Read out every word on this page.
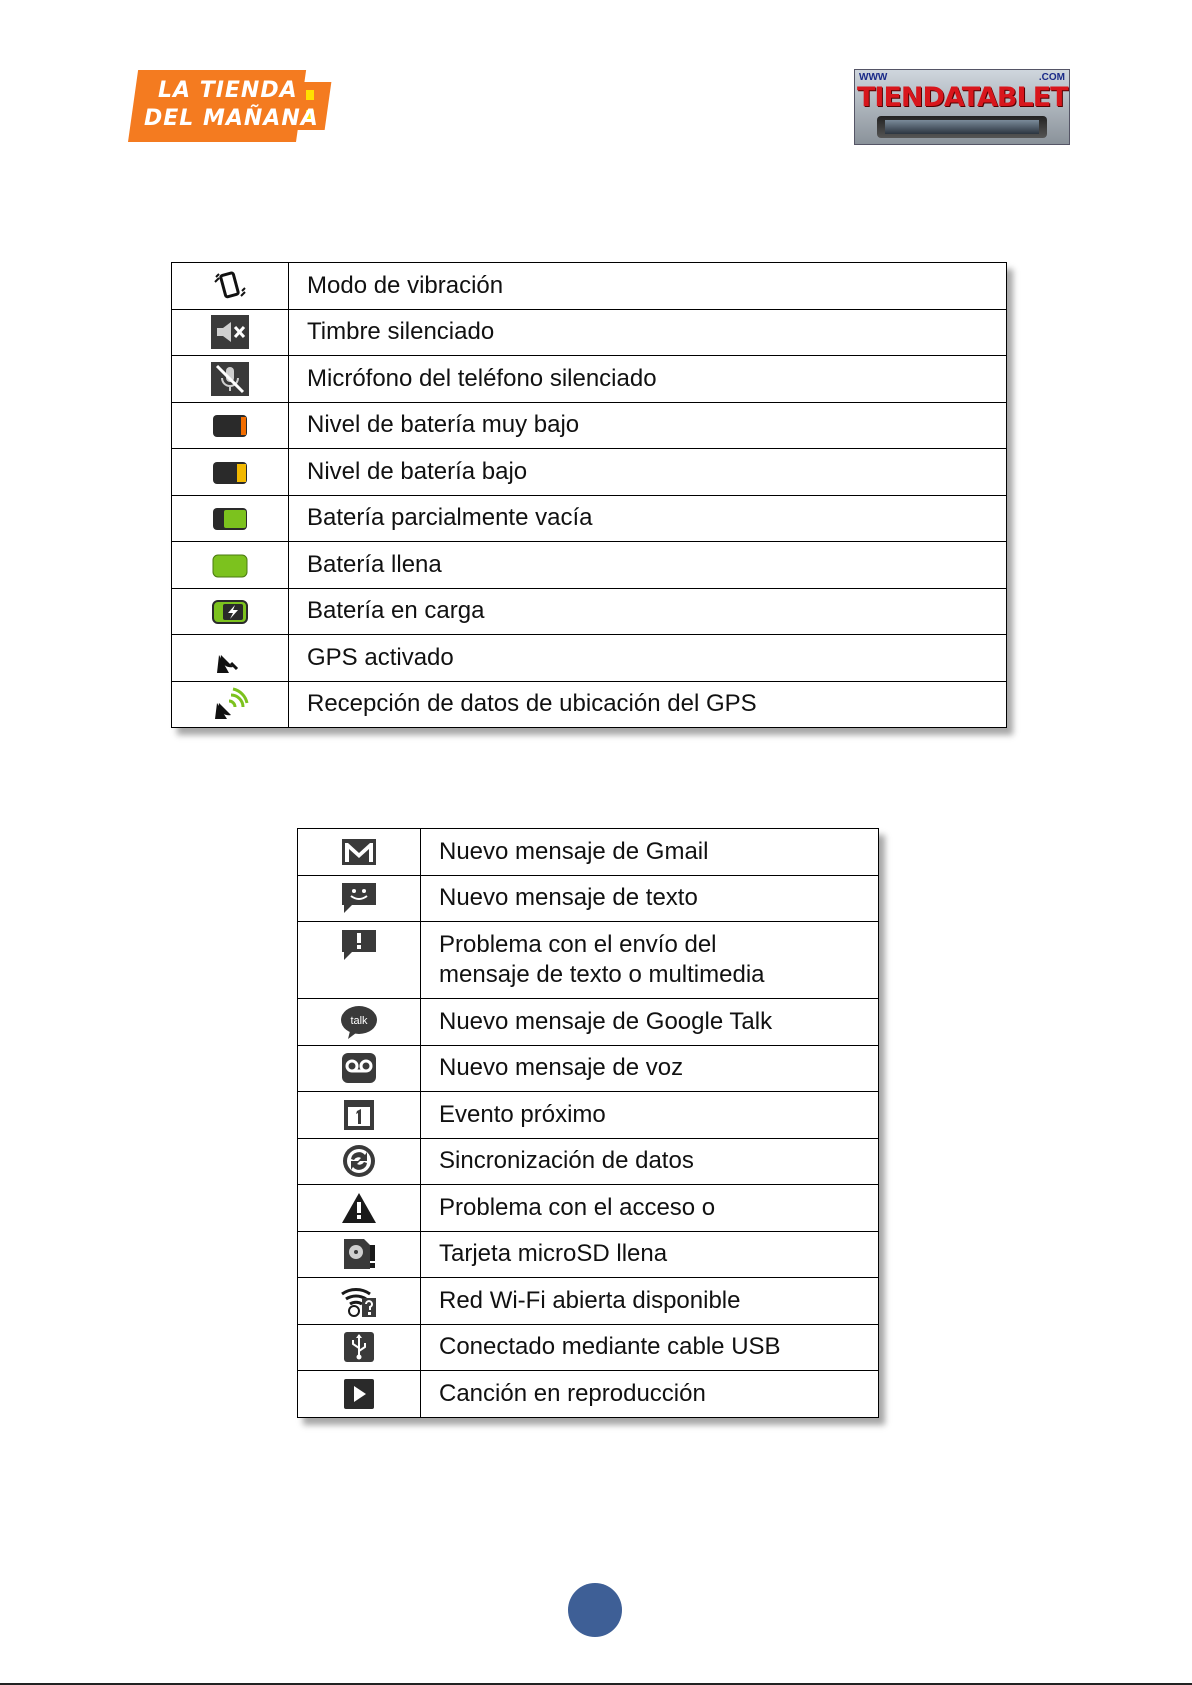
LA TIENDA
DEL MAÑANA
WWW	.COM
TIENDATABLET
	Modo de vibración
	Timbre silenciado
	Micrófono del teléfono silenciado
	Nivel de batería muy bajo
	Nivel de batería bajo
	Batería parcialmente vacía
	Batería llena
	Batería en carga
	GPS activado
	Recepción de datos de ubicación del GPS
	Nuevo mensaje de Gmail
	Nuevo mensaje de texto
	Problema con el envío del
mensaje de texto o multimedia

talk	Nuevo mensaje de Google Talk
	Nuevo mensaje de voz
	Evento próximo
	Sincronización de datos
	Problema con el acceso o
	Tarjeta microSD llena
	Red Wi-Fi abierta disponible
	Conectado mediante cable USB
	Canción en reproducción
